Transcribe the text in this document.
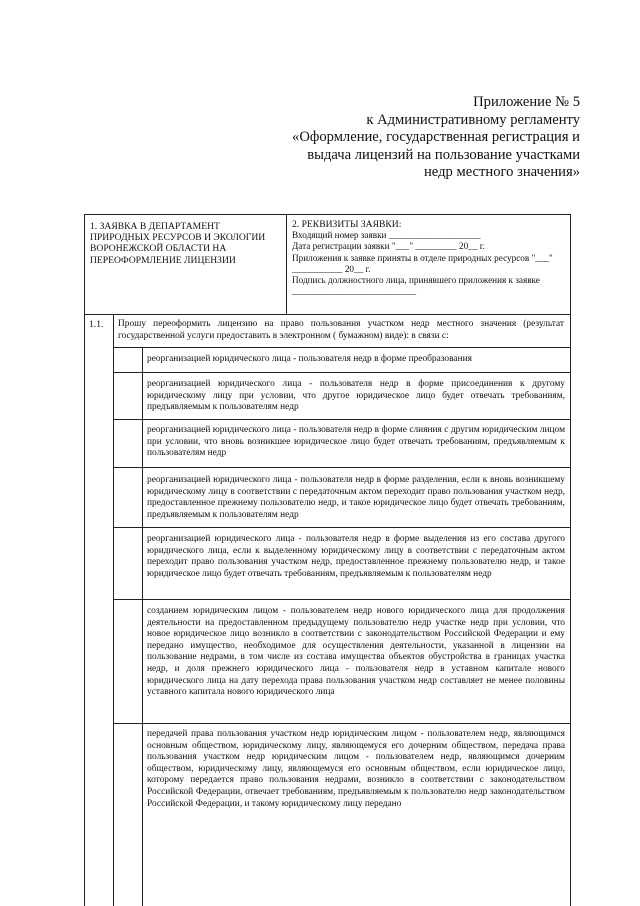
Приложение № 5
к Административному регламенту
«Оформление, государственная регистрация и
выдача лицензий на пользование участками
недр местного значения»
1. ЗАЯВКА В ДЕПАРТАМЕНТ ПРИРОДНЫХ РЕСУРСОВ И ЭКОЛОГИИ ВОРОНЕЖСКОЙ ОБЛАСТИ НА ПЕРЕОФОРМЛЕНИЕ ЛИЦЕНЗИИ
2. РЕКВИЗИТЫ ЗАЯВКИ:
Входящий номер заявки ____________________
Дата регистрации заявки "___" _________ 20__ г.
Приложения к заявке приняты в отделе природных ресурсов "___" ___________ 20__ г.
Подпись должностного лица, принявшего приложения к заявке ___________________________
1.1. Прошу переоформить лицензию на право пользования участком недр местного значения (результат государственной услуги предоставить в электронном ( бумажном) виде): в связи с:
реорганизацией юридического лица - пользователя недр в форме преобразования
реорганизацией юридического лица - пользователя недр в форме присоединения к другому юридическому лицу при условии, что другое юридическое лицо будет отвечать требованиям, предъявляемым к пользователям недр
реорганизацией юридического лица - пользователя недр в форме слияния с другим юридическим лицом при условии, что вновь возникшее юридическое лицо будет отвечать требованиям, предъявляемым к пользователям недр
реорганизацией юридического лица - пользователя недр в форме разделения, если к вновь возникшему юридическому лицу в соответствии с передаточным актом переходит право пользования участком недр, предоставленное прежнему пользователю недр, и такое юридическое лицо будет отвечать требованиям, предъявляемым к пользователям недр
реорганизацией юридического лица - пользователя недр в форме выделения из его состава другого юридического лица, если к выделенному юридическому лицу в соответствии с передаточным актом переходит право пользования участком недр, предоставленное прежнему пользователю недр, и такое юридическое лицо будет отвечать требованиям, предъявляемым к пользователям недр
созданием юридическим лицом - пользователем недр нового юридического лица для продолжения деятельности на предоставленном предыдущему пользователю недр участке недр при условии, что новое юридическое лицо возникло в соответствии с законодательством Российской Федерации и ему передано имущество, необходимое для осуществления деятельности, указанной в лицензии на пользование недрами, в том числе из состава имущества объектов обустройства в границах участка недр, и доля прежнего юридического лица - пользователя недр в уставном капитале нового юридического лица на дату перехода права пользования участком недр составляет не менее половины уставного капитала нового юридического лица
передачей права пользования участком недр юридическим лицом - пользователем недр, являющимся основным обществом, юридическому лицу, являющемуся его дочерним обществом, передача права пользования участком недр юридическим лицом - пользователем недр, являющимся дочерним обществом, юридическому лицу, являющемуся его основным обществом, если юридическое лицо, которому передается право пользования недрами, возникло в соответствии с законодательством Российской Федерации, отвечает требованиям, предъявляемым к пользователю недр законодательством Российской Федерации, и такому юридическому лицу передано
